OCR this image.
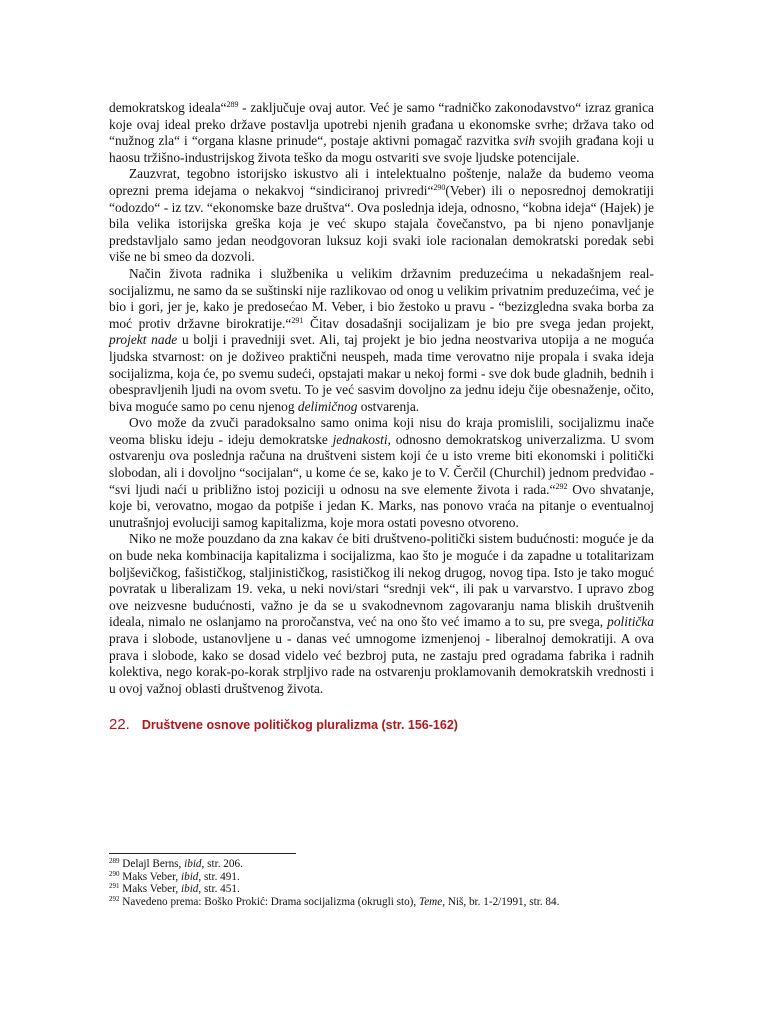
demokratskog ideala“$^{289}$ - zaključuje ovaj autor. Već je samo “radničko zakonodavstvo“ izraz granica koje ovaj ideal preko države postavlja upotrebi njenih građana u ekonomske svrhe; država tako od “nužnog zla“ i “organa klasne prinude“, postaje aktivni pomagač razvitka svih svojih građana koji u haosu tržišno-industrijskog života teško da mogu ostvariti sve svoje ljudske potencijale.

Zauzvrat, tegobno istorijsko iskustvo ali i intelektualno poštenje, nalaže da budemo veoma oprezni prema idejama o nekakvoj “sindiciranoj privredi“$^{290}$(Veber) ili o neposrednoj demokratiji “odozdo“ - iz tzv. “ekonomske baze društva“. Ova poslednja ideja, odnosno, “kobna ideja“ (Hajek) je bila velika istorijska greška koja je već skupo stajala čovečanstvo, pa bi njeno ponavljanje predstavljalo samo jedan neodgovoran luksuz koji svaki iole racionalan demokratski poredak sebi više ne bi smeo da dozvoli.

Način života radnika i službenika u velikim državnim preduzećima u nekadašnjem real-socijalizmu, ne samo da se suštinski nije razlikovao od onog u velikim privatnim preduzećima, već je bio i gori, jer je, kako je predosećao M. Veber, i bio žestoko u pravu - “bezizgledna svaka borba za moć protiv državne birokratije.“$^{291}$ Čitav dosadašnji socijalizam je bio pre svega jedan projekt, projekt nade u bolji i pravedniji svet. Ali, taj projekt je bio jedna neostvariva utopija a ne moguća ljudska stvarnost: on je doživeo praktični neuspeh, mada time verovatno nije propala i svaka ideja socijalizma, koja će, po svemu sudeći, opstajati makar u nekoj formi - sve dok bude gladnih, bednih i obespravljenih ljudi na ovom svetu. To je već sasvim dovoljno za jednu ideju čije obesnaženje, očito, biva moguće samo po cenu njenog delimičnog ostvarenja.

Ovo može da zvuči paradoksalno samo onima koji nisu do kraja promislili, socijalizmu inače veoma blisku ideju - ideju demokratske jednakosti, odnosno demokratskog univerzalizma. U svom ostvarenju ova poslednja računa na društveni sistem koji će u isto vreme biti ekonomski i politički slobodan, ali i dovoljno “socijalan“, u kome će se, kako je to V. Čerčil (Churchil) jednom predviđao - “svi ljudi naći u približno istoj poziciji u odnosu na sve elemente života i rada.“$^{292}$ Ovo shvatanje, koje bi, verovatno, mogao da potpiše i jedan K. Marks, nas ponovo vraća na pitanje o eventualnoj unutrašnjoj evoluciji samog kapitalizma, koje mora ostati povesno otvoreno.

Niko ne može pouzdano da zna kakav će biti društveno-politički sistem budućnosti: moguće je da on bude neka kombinacija kapitalizma i socijalizma, kao što je moguće i da zapadne u totalitarizam boljševičkog, fašističkog, staljinističkog, rasističkog ili nekog drugog, novog tipa. Isto je tako moguć povratak u liberalizam 19. veka, u neki novi/stari “srednji vek“, ili pak u varvarstvo. I upravo zbog ove neizvesne budućnosti, važno je da se u svakodnevnom zagovaranju nama bliskih društvenih ideala, nimalo ne oslanjamo na proročanstva, već na ono što već imamo a to su, pre svega, politička prava i slobode, ustanovljene u - danas već umnogome izmenjenoj - liberalnoj demokratiji. A ova prava i slobode, kako se dosad videlo već bezbroj puta, ne zastaju pred ogradama fabrika i radnih kolektiva, nego korak-po-korak strpljivo rade na ostvarenju proklamovanih demokratskih vrednosti i u ovoj važnoj oblasti društvenog života.

22. Društvene osnove političkog pluralizma (str. 156-162)
$^{289}$ Delajl Berns, ibid, str. 206.
$^{290}$ Maks Veber, ibid, str. 491.
$^{291}$ Maks Veber, ibid, str. 451.
$^{292}$ Navedeno prema: Boško Prokić: Drama socijalizma (okrugli sto), Teme, Niš, br. 1-2/1991, str. 84.
